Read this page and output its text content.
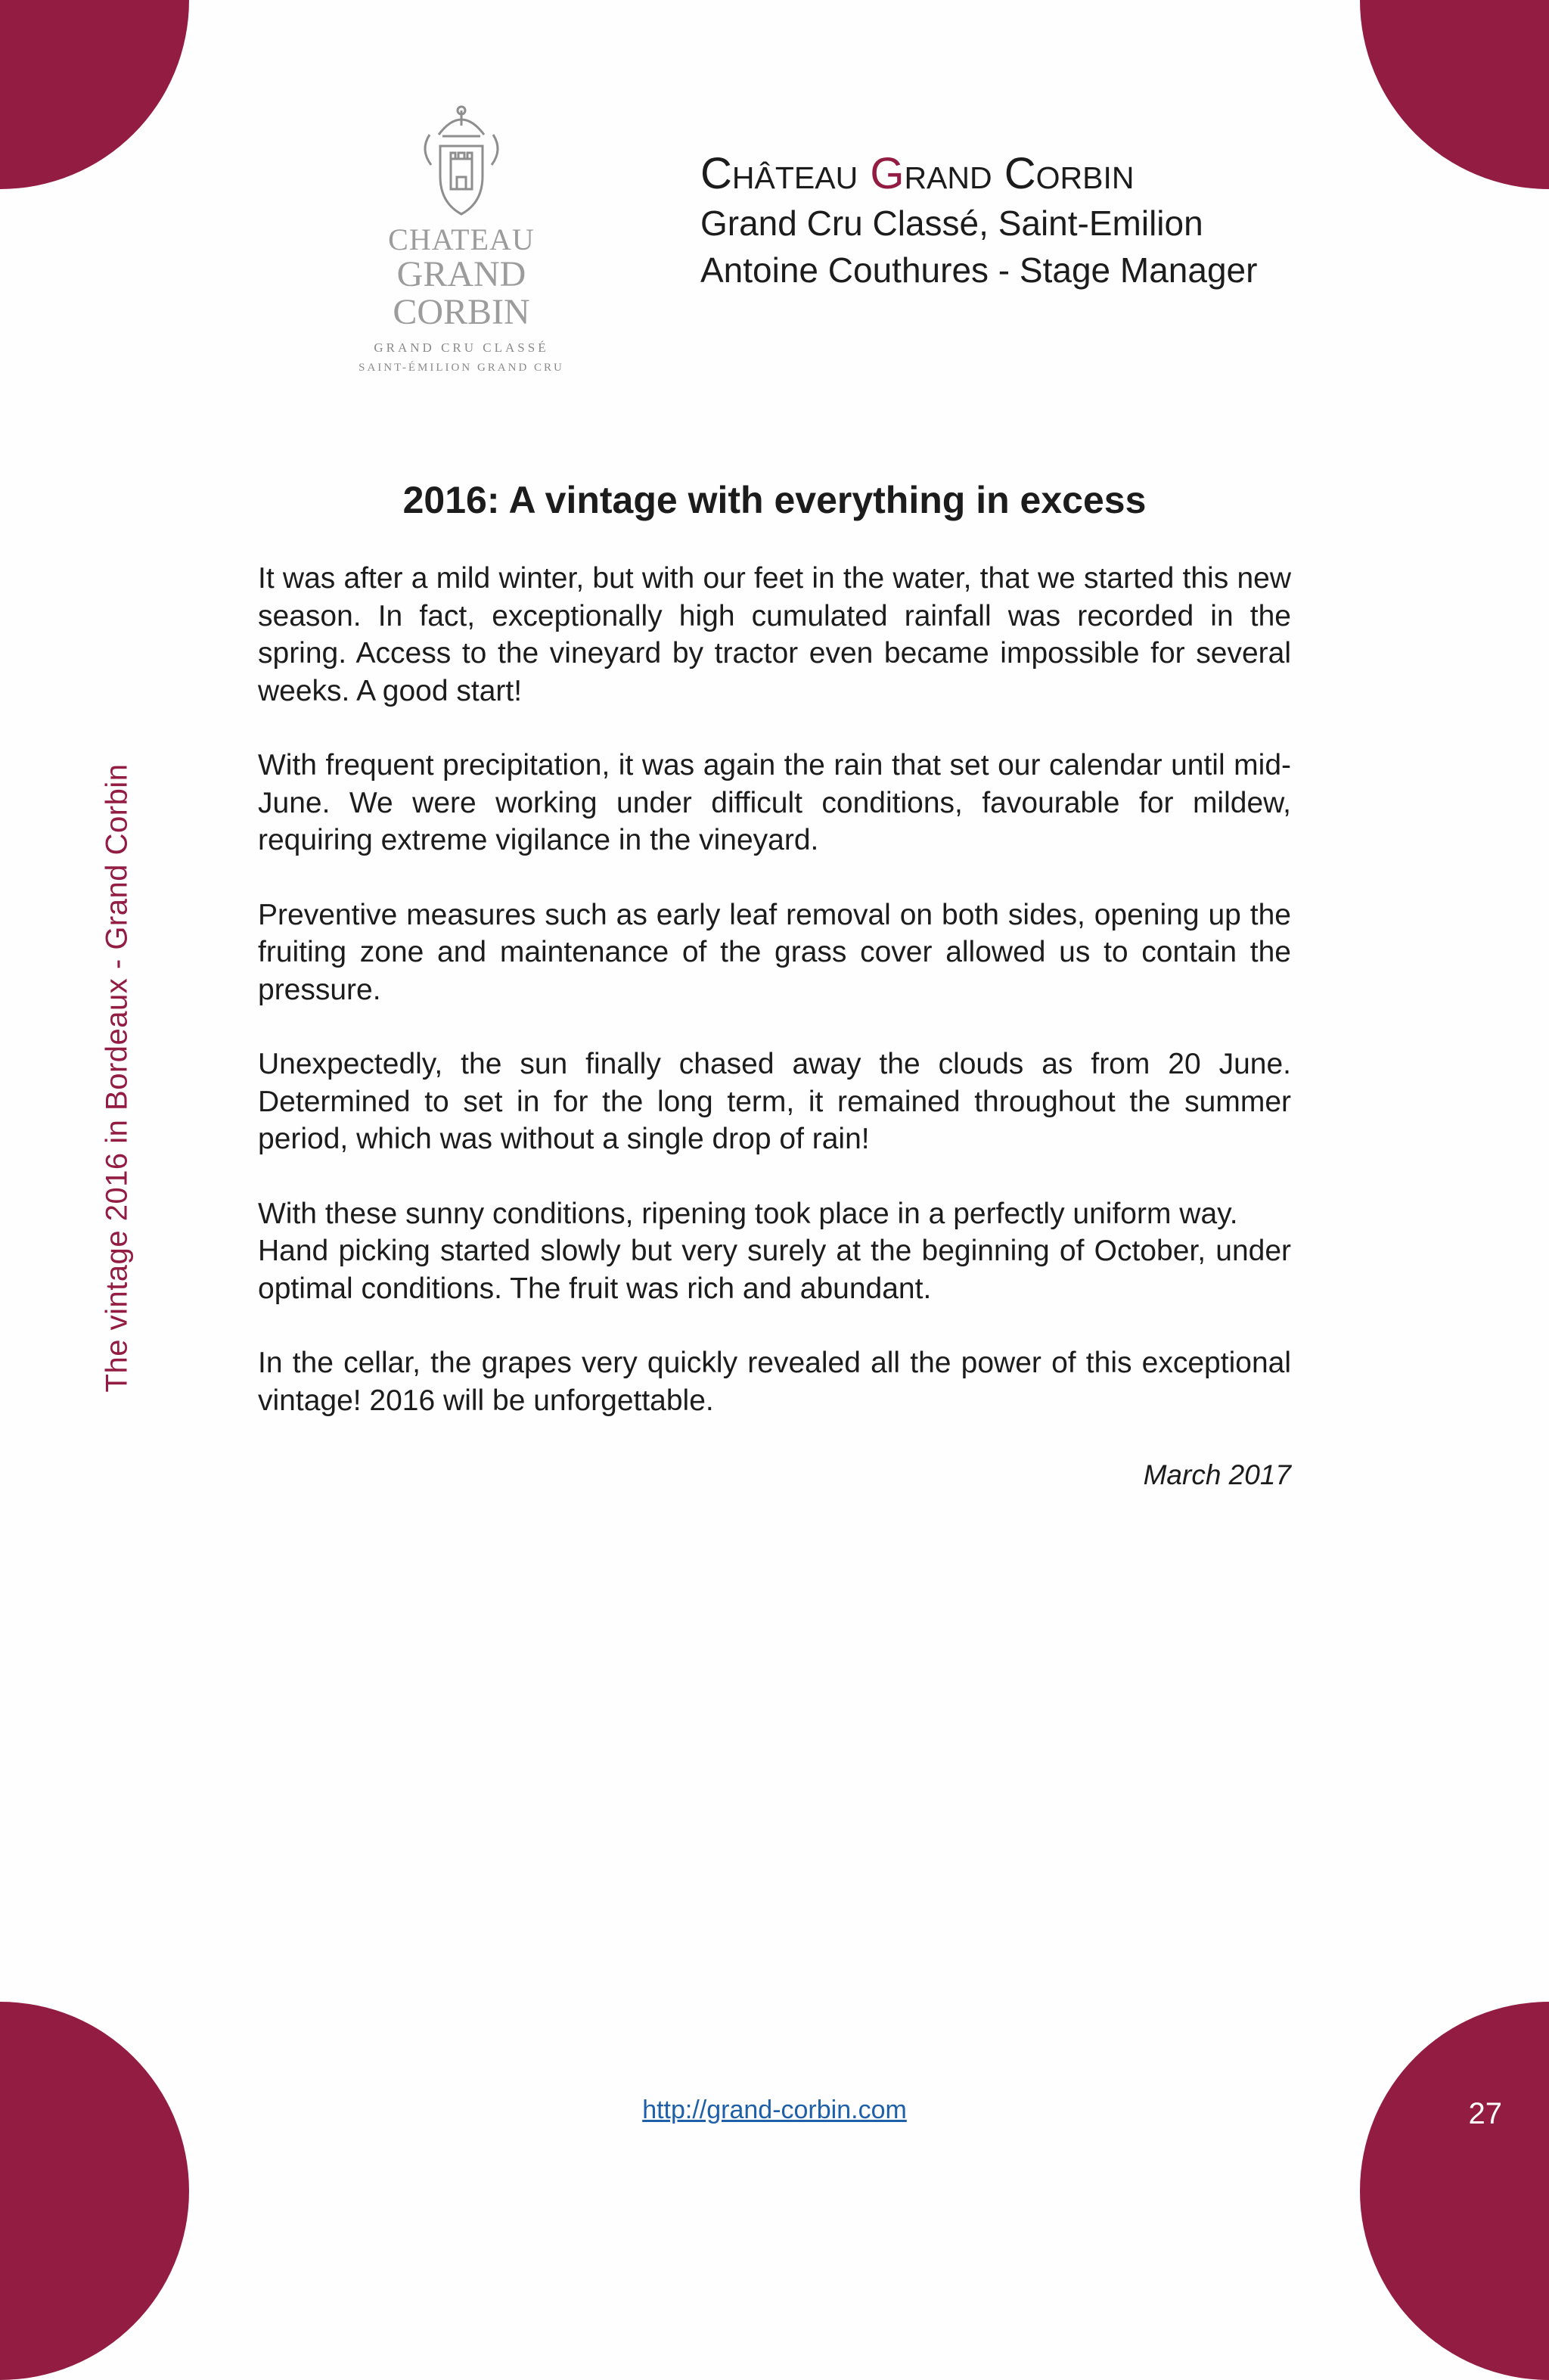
CHATEAU
GRAND CORBIN
GRAND CRU CLASSÉ
SAINT-ÉMILION GRAND CRU
Château Grand Corbin
Grand Cru Classé, Saint-Emilion
Antoine Couthures - Stage Manager
The vintage 2016 in Bordeaux - Grand Corbin
2016: A vintage with everything in excess

It was after a mild winter, but with our feet in the water, that we started this new season. In fact, exceptionally high cumulated rainfall was recorded in the spring. Access to the vineyard by tractor even became impossible for several weeks. A good start!

With frequent precipitation, it was again the rain that set our calendar until mid-June. We were working under difficult conditions, favourable for mildew, requiring extreme vigilance in the vineyard.

Preventive measures such as early leaf removal on both sides, opening up the fruiting zone and maintenance of the grass cover allowed us to contain the pressure.

Unexpectedly, the sun finally chased away the clouds as from 20 June. Determined to set in for the long term, it remained throughout the summer period, which was without a single drop of rain!

With these sunny conditions, ripening took place in a perfectly uniform way.
Hand picking started slowly but very surely at the beginning of October, under optimal conditions. The fruit was rich and abundant.

In the cellar, the grapes very quickly revealed all the power of this exceptional vintage! 2016 will be unforgettable.

March 2017
http://grand-corbin.com	27
